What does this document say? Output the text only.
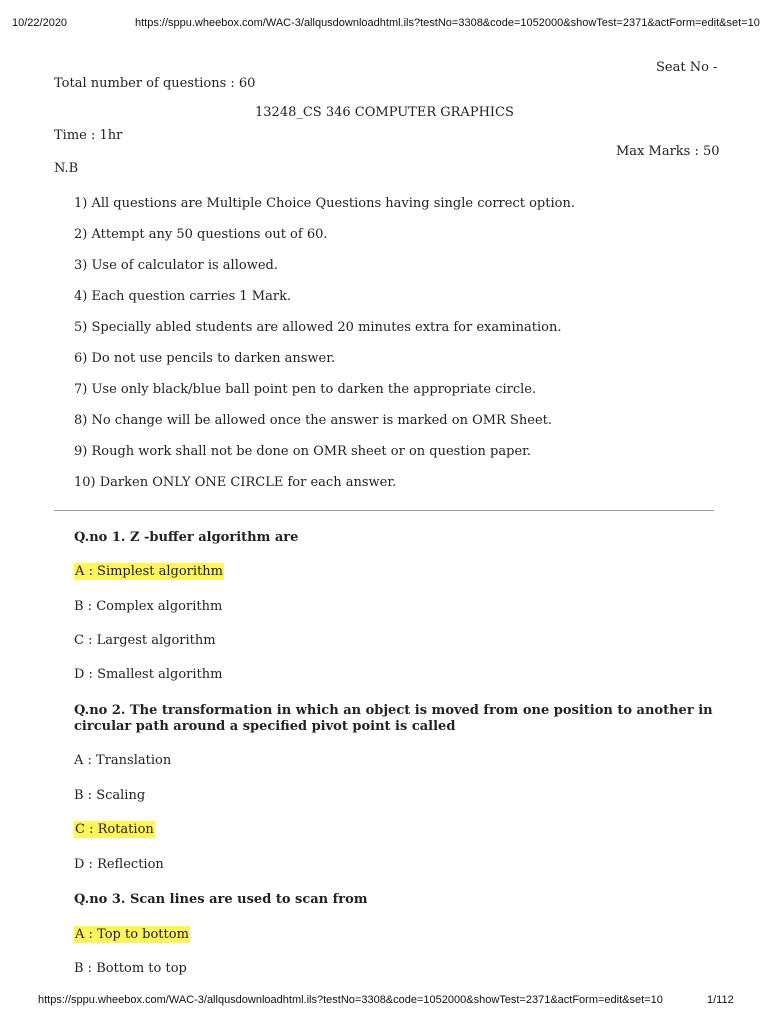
10/22/2020	https://sppu.wheebox.com/WAC-3/allqusdownloadhtml.ils?testNo=3308&code=1052000&showTest=2371&actForm=edit&set=10
Seat No -
Total number of questions : 60
13248_CS 346 COMPUTER GRAPHICS
Time : 1hr
Max Marks : 50
N.B
1) All questions are Multiple Choice Questions having single correct option.
2) Attempt any 50 questions out of 60.
3) Use of calculator is allowed.
4) Each question carries 1 Mark.
5) Specially abled students are allowed 20 minutes extra for examination.
6) Do not use pencils to darken answer.
7) Use only black/blue ball point pen to darken the appropriate circle.
8) No change will be allowed once the answer is marked on OMR Sheet.
9) Rough work shall not be done on OMR sheet or on question paper.
10) Darken ONLY ONE CIRCLE for each answer.
Q.no 1. Z -buffer algorithm are
A : Simplest algorithm
B : Complex algorithm
C : Largest algorithm
D : Smallest algorithm
Q.no 2. The transformation in which an object is moved from one position to another in
circular path around a specified pivot point is called
A : Translation
B : Scaling
C : Rotation
D : Reflection
Q.no 3. Scan lines are used to scan from
A : Top to bottom
B : Bottom to top
https://sppu.wheebox.com/WAC-3/allqusdownloadhtml.ils?testNo=3308&code=1052000&showTest=2371&actForm=edit&set=10	1/112
